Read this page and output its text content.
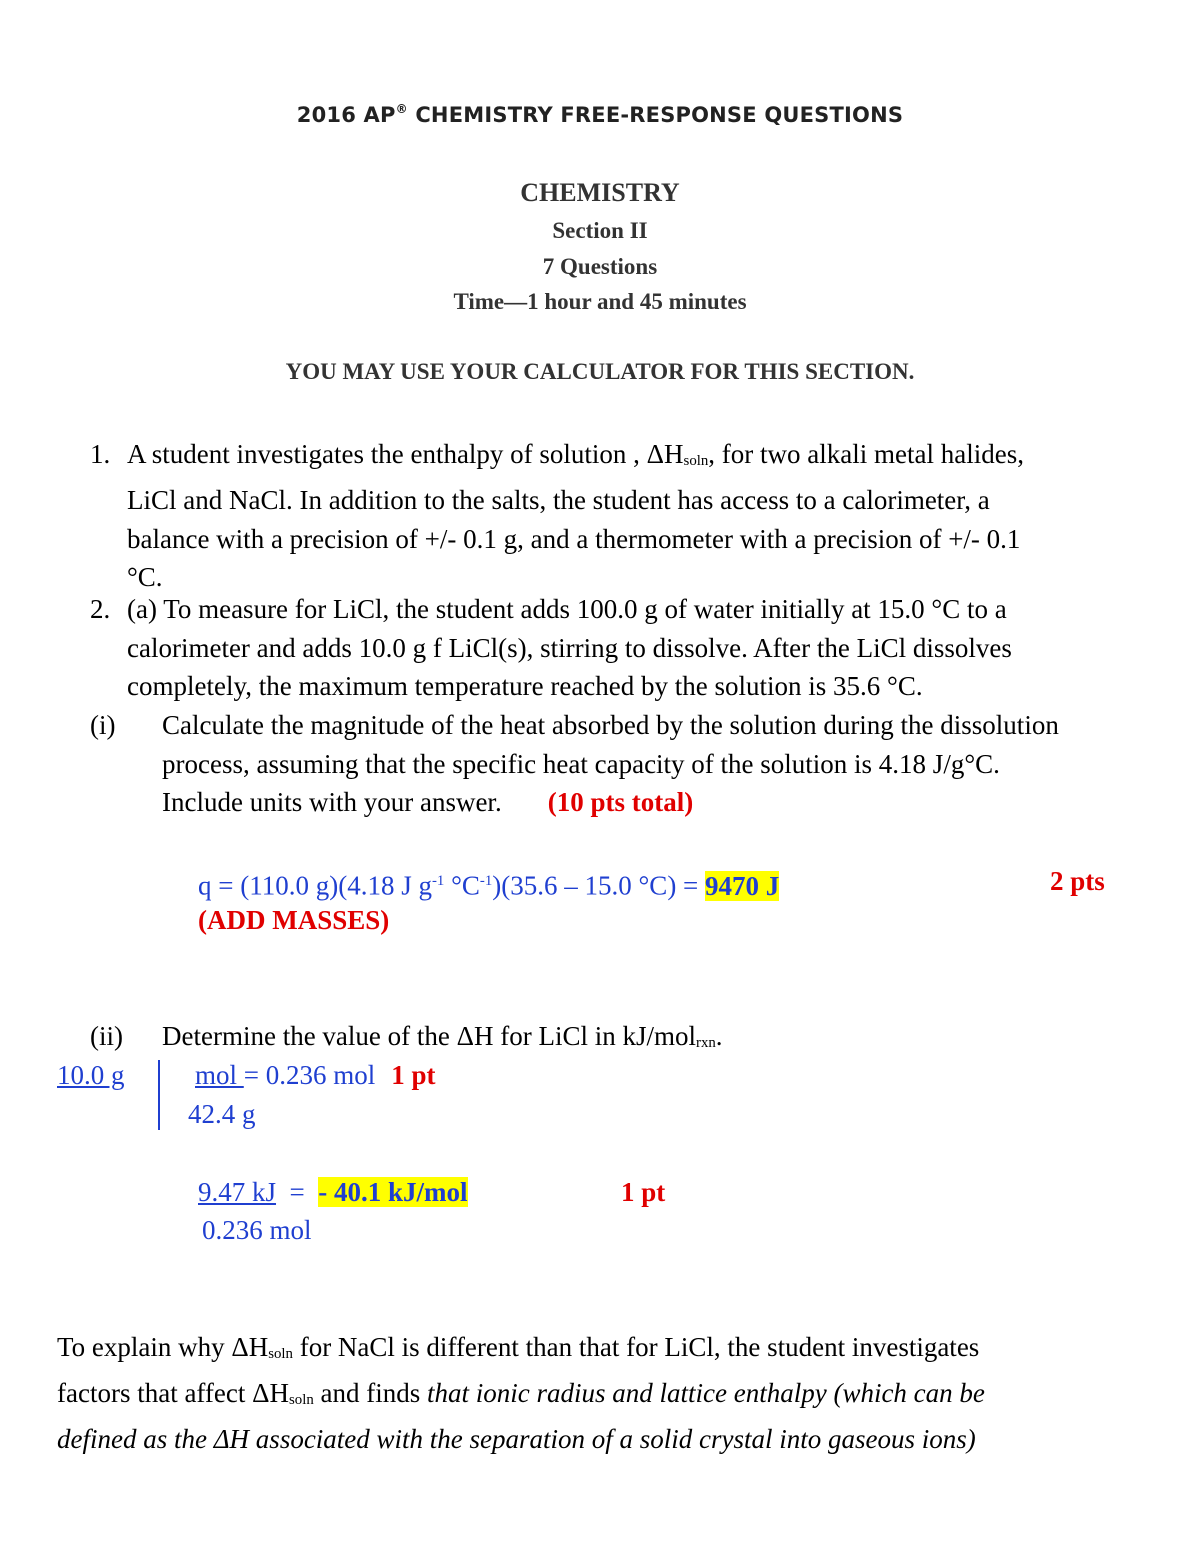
2016 AP® CHEMISTRY FREE-RESPONSE QUESTIONS
CHEMISTRY
Section II
7 Questions
Time—1 hour and 45 minutes
YOU MAY USE YOUR CALCULATOR FOR THIS SECTION.
1. A student investigates the enthalpy of solution , $\Delta H_{soln}$, for two alkali metal halides,
LiCl and NaCl. In addition to the salts, the student has access to a calorimeter, a
balance with a precision of +/- 0.1 g, and a thermometer with a precision of +/- 0.1
°C.
2. (a) To measure for LiCl, the student adds 100.0 g of water initially at 15.0 °C to a
calorimeter and adds 10.0 g f LiCl(s), stirring to dissolve. After the LiCl dissolves
completely, the maximum temperature reached by the solution is 35.6 °C.
(i) Calculate the magnitude of the heat absorbed by the solution during the dissolution
process, assuming that the specific heat capacity of the solution is 4.18 J/g°C.
Include units with your answer. (10 pts total)
q = (110.0 g)(4.18 J $g^{-1}$ $^\circ C^{-1})(35.6 - 15.0$ °C) = 9470 J	2 pts
(ADD MASSES)
(ii) Determine the value of the ΔH for LiCl in kJ/mol$_{rxn}$.
10.0 g	mol = 0.236 mol 1 pt
42.4 g
9.47 kJ  =  - 40.1 kJ/mol	1 pt
0.236 mol
To explain why $\Delta H_{soln}$ for NaCl is different than that for LiCl, the student investigates
factors that affect $\Delta H_{soln}$ and finds that ionic radius and lattice enthalpy (which can be
defined as the ΔH associated with the separation of a solid crystal into gaseous ions)
